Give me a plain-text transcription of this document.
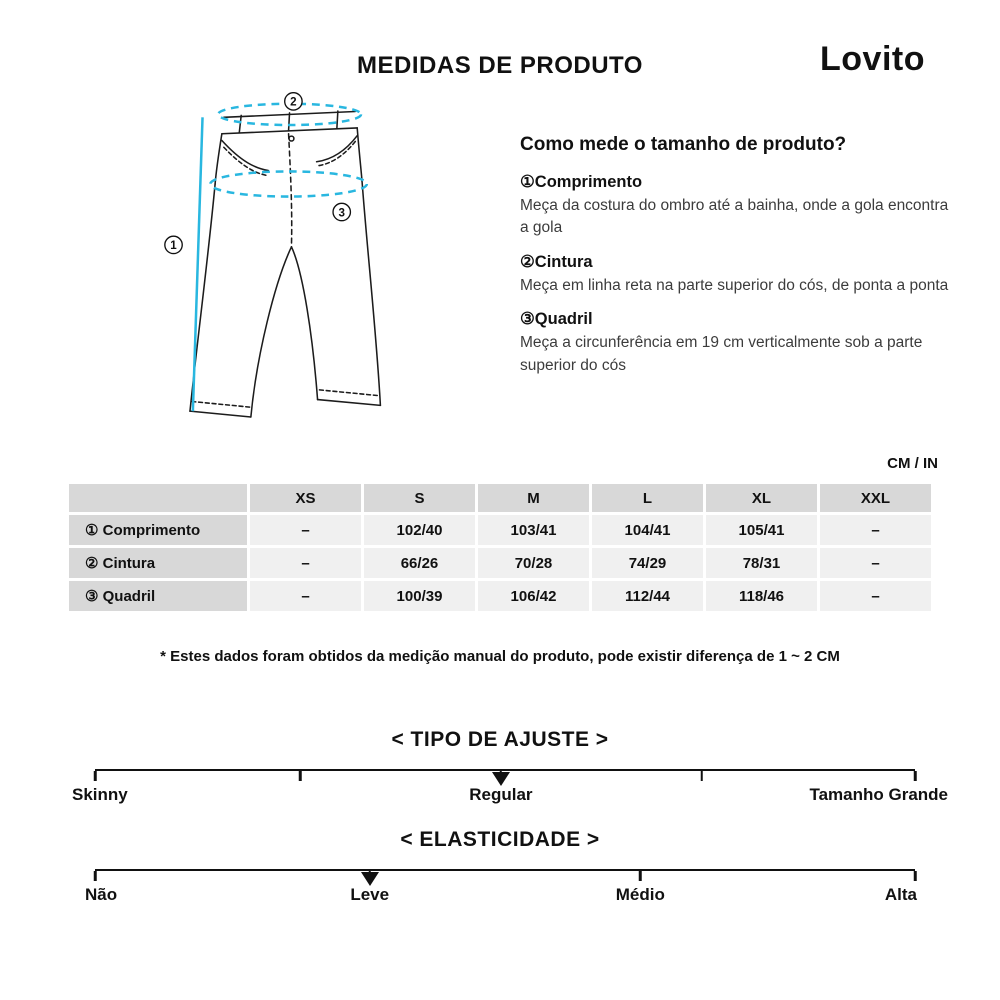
MEDIDAS DE PRODUTO	Lovito
1
2
3
Como mede o tamanho de produto?
①Comprimento

Meça da costura do ombro até a bainha, onde a gola encontra a gola

②Cintura

Meça em linha reta na parte superior do cós, de ponta a ponta

③Quadril

Meça a circunferência em 19 cm verticalmente sob a parte superior do cós

CM / IN
	XS	S	M	L	XL	XXL
① Comprimento	–	102/40	103/41	104/41	105/41	–
② Cintura	–	66/26	70/28	74/29	78/31	–
③ Quadril	–	100/39	106/42	112/44	118/46	–
* Estes dados foram obtidos da medição manual do produto, pode existir diferença de 1 ~ 2 CM
< TIPO DE AJUSTE >
Skinny	Regular	Tamanho Grande
< ELASTICIDADE >
Não	Leve	Médio	Alta
